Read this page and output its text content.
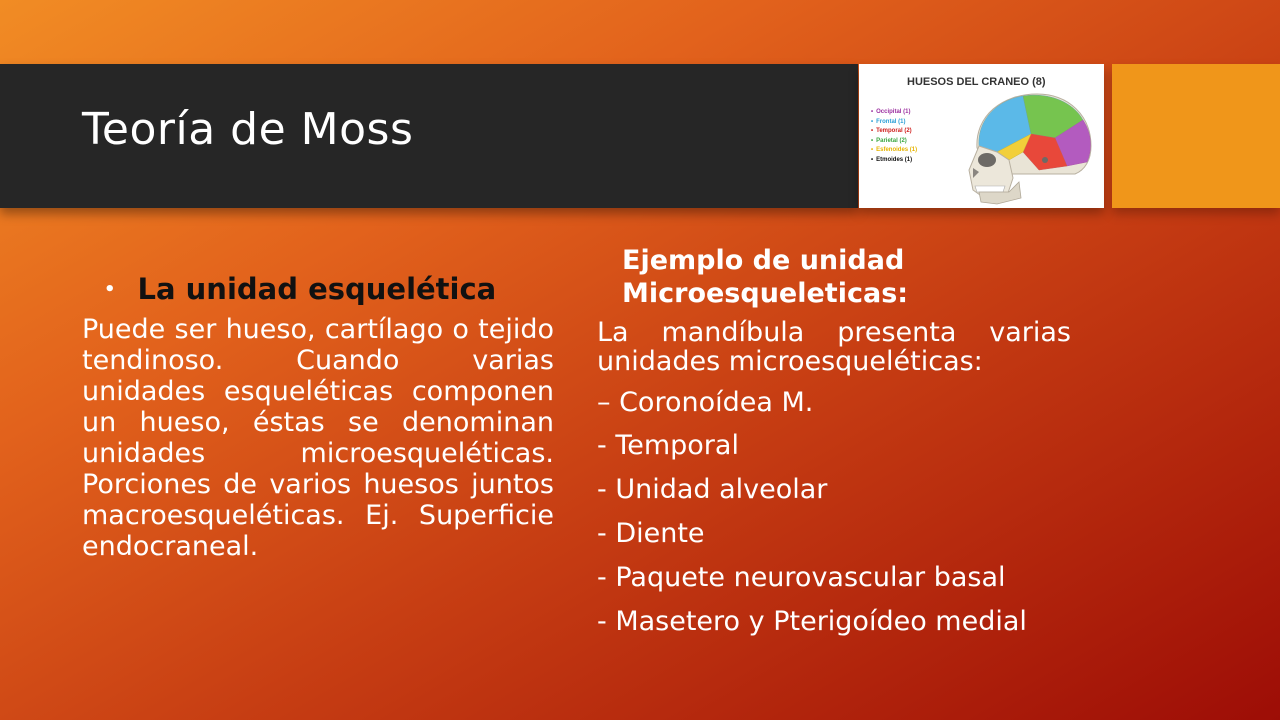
Teoría de Moss
HUESOS DEL CRANEO (8)
• Occipital (1)
• Frontal (1)
• Temporal (2)
• Parietal (2)
• Esfenoides (1)
• Etmoides (1)
• La unidad esquelética

Puede ser hueso, cartílago o tejido tendinoso. Cuando varias unidades esqueléticas componen un hueso, éstas se denominan unidades microesqueléticas. Porciones de varios huesos juntos macroesqueléticas. Ej. Superficie endocraneal.

Ejemplo de unidad Microesqueleticas:

La mandíbula presenta varias unidades microesqueléticas:

– Coronoídea M.
- Temporal
- Unidad alveolar
- Diente
- Paquete neurovascular basal
- Masetero y Pterigoídeo medial
